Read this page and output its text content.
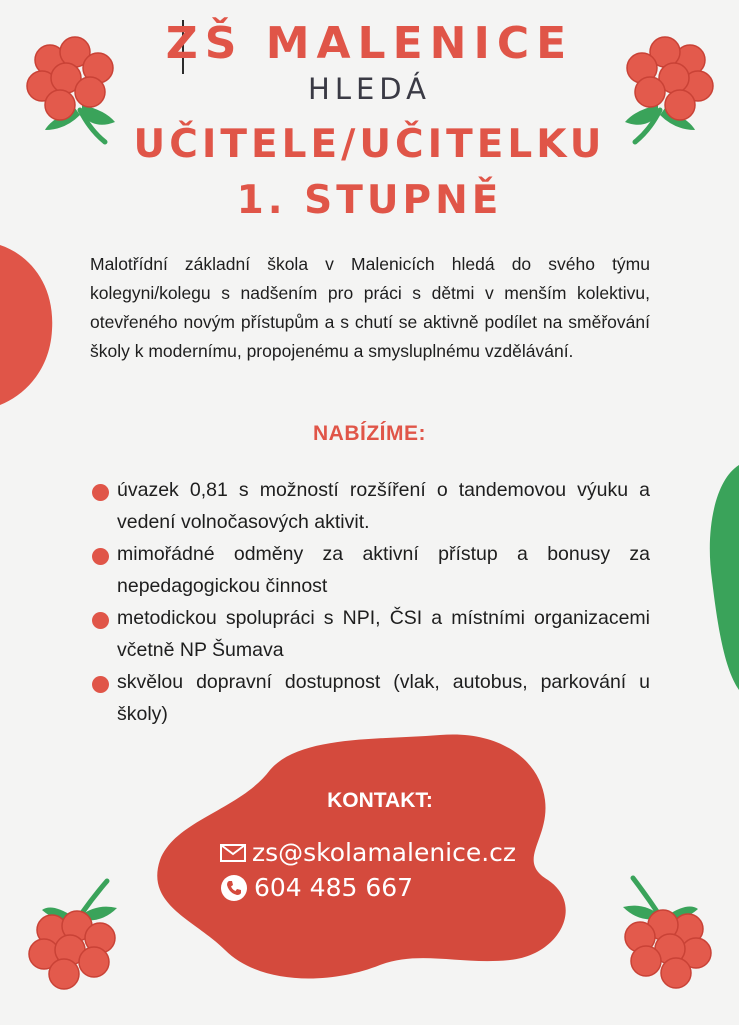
ZŠ MALENICE
HLEDÁ
UČITELE/UČITELKU
1. STUPNĚ
Malotřídní základní škola v Malenicích hledá do svého týmu kolegyni/kolegu s nadšením pro práci s dětmi v menším kolektivu, otevřeného novým přístupům a s chutí se aktivně podílet na směřování školy k modernímu, propojenému a smysluplnému vzdělávání.
NABÍZÍME:
úvazek 0,81 s možností rozšíření o tandemovou výuku a vedení volnočasových aktivit.
mimořádné odměny za aktivní přístup a bonusy za nepedagogickou činnost
metodickou spolupráci s NPI, ČSI a místními organizacemi včetně NP Šumava
skvělou dopravní dostupnost (vlak, autobus, parkování u školy)
KONTAKT:
zs@skolamalenice.cz
604 485 667
